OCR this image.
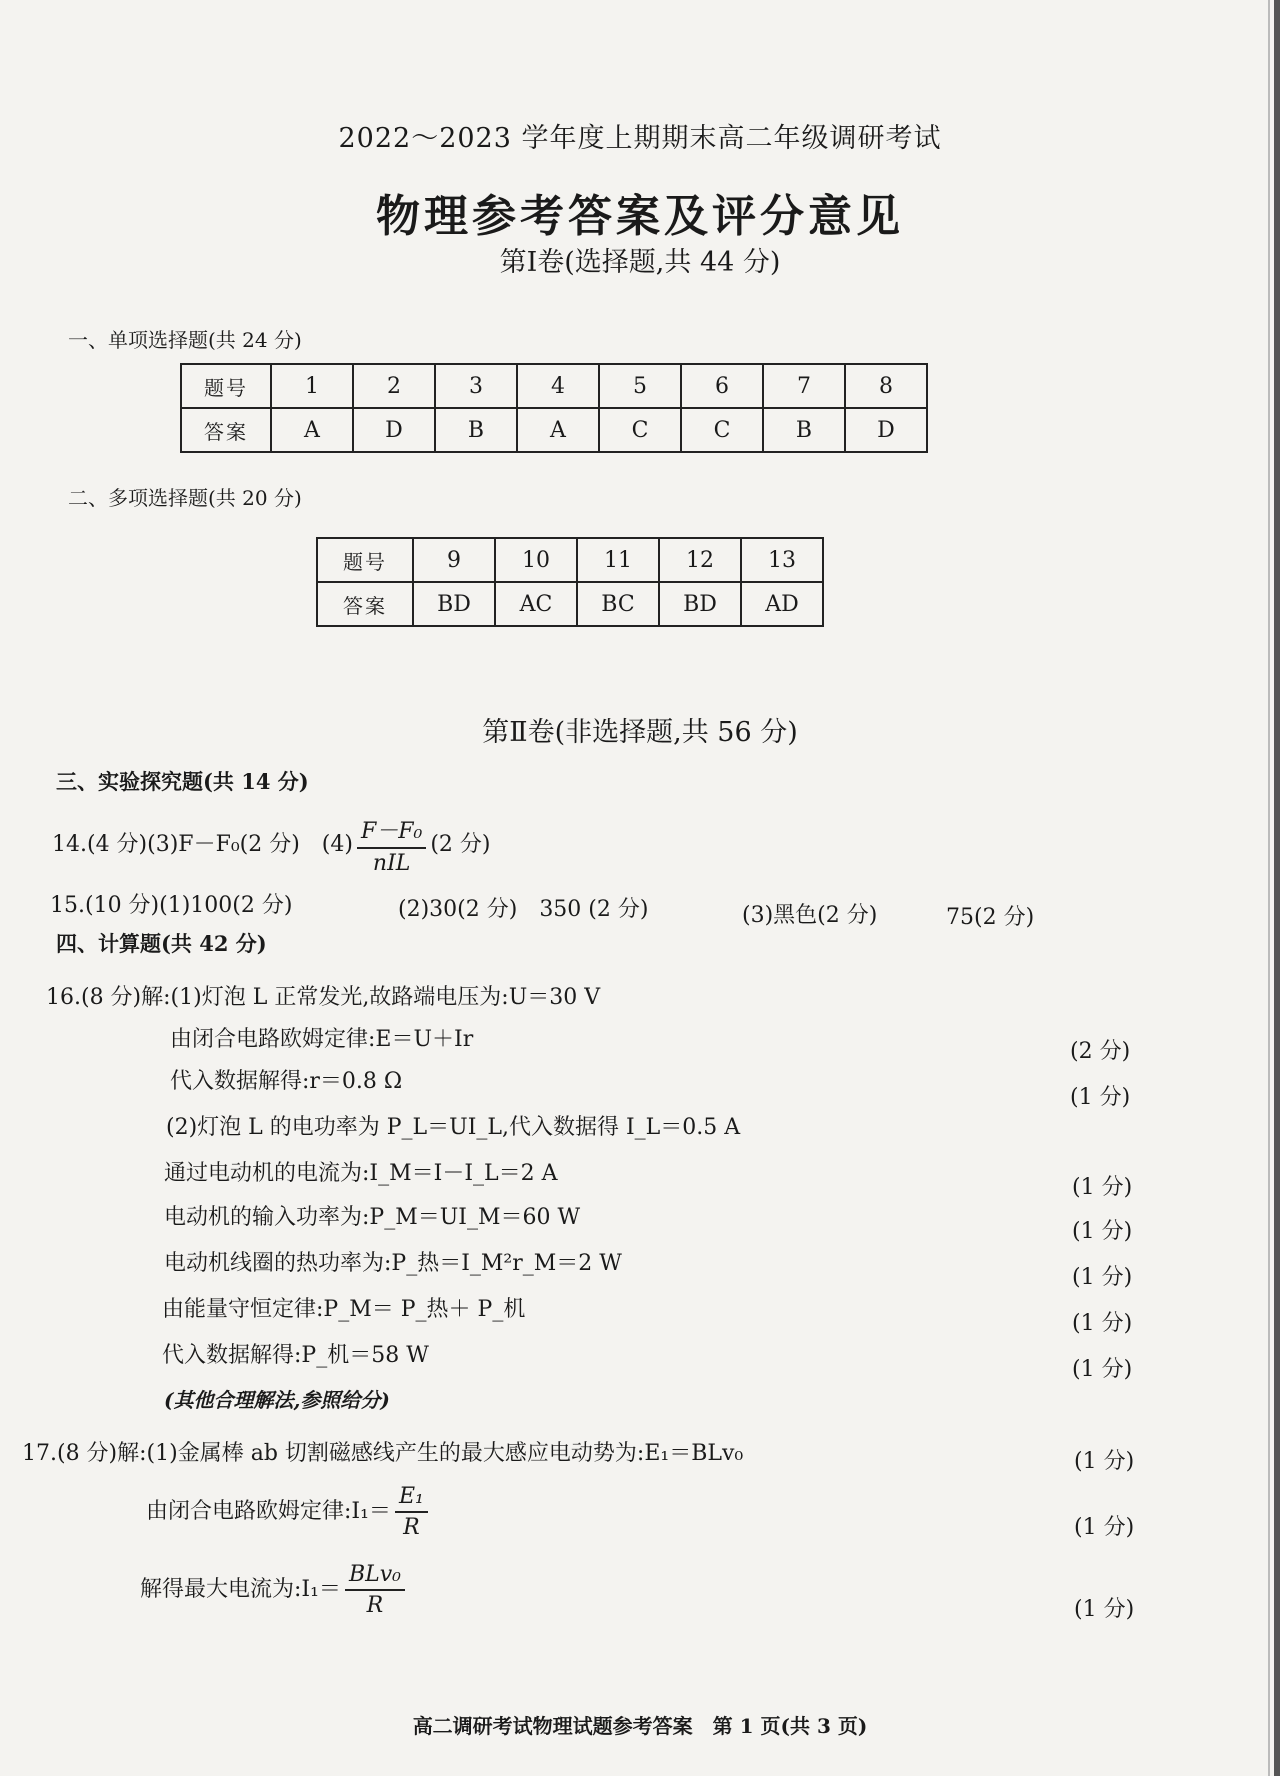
2022～2023 学年度上期期末高二年级调研考试
物理参考答案及评分意见
第Ⅰ卷(选择题,共 44 分)
一、单项选择题(共 24 分)
题号	1	2	3	4	5	6	7	8
答案	A	D	B	A	C	C	B	D
二、多项选择题(共 20 分)
题号	9	10	11	12	13
答案	BD	AC	BC	BD	AD
第Ⅱ卷(非选择题,共 56 分)
三、实验探究题(共 14 分)
14.(4 分)(3)F－F₀(2 分)　$(4) \frac{\text{F－F₀}}{\text{nIL}} (2$ 分)
15.(10 分)(1)100(2 分)	(2)30(2 分)　350 (2 分)	(3)黑色(2 分)	75(2 分)
四、计算题(共 42 分)
16.(8 分)解:(1)灯泡 L 正常发光,故路端电压为:U＝30 V
由闭合电路欧姆定律:E＝U＋Ir	(2 分)
代入数据解得:r＝0.8 Ω
(1 分)
(2)灯泡 L 的电功率为 P_L＝UI_L,代入数据得 I_L＝0.5 A
通过电动机的电流为:I_M＝I－I_L＝2 A
(1 分)
电动机的输入功率为:P_M＝UI_M＝60 W
(1 分)
电动机线圈的热功率为:P_热＝I_M²r_M＝2 W
(1 分)
由能量守恒定律:P_M＝ P_热＋ P_机
(1 分)
代入数据解得:P_机＝58 W
(1 分)
(其他合理解法,参照给分)
17.(8 分)解:(1)金属棒 ab 切割磁感线产生的最大感应电动势为:E₁＝BLv₀	(1 分)
由闭合电路欧姆定律:I₁＝ $\frac{\text{E₁}}{R}$	(1 分)
解得最大电流为:I₁＝ $\frac{\text{BLv₀}}{R}$	(1 分)
高二调研考试物理试题参考答案　第 1 页(共 3 页)
